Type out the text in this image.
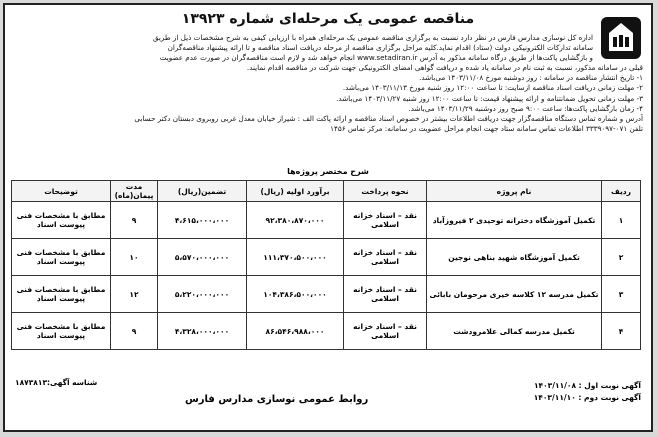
مناقصه عمومی یک مرحله‌ای شماره ۱۳۹۲۳
اداره کل نوسازی مدارس فارس در نظر دارد نسبت به برگزاری مناقصه عمومی یک مرحله‌ای همراه با ارزیابی کیفی به شرح مشخصات ذیل از طریق
سامانه تدارکات الکترونیکی دولت (ستاد) اقدام نماید.کلیه مراحل برگزاری مناقصه از مرحله دریافت اسناد مناقصه و تا ارائه پیشنهاد مناقصه‌گران
و بازگشایی پاکت‌ها از طریق درگاه سامانه مذکور به آدرس www.setadiran.ir انجام خواهد شد و لازم است مناقصه‌گران در صورت عدم عضویت
قبلی در سامانه مذکور، نسبت به ثبت نام در سامانه یاد شده و دریافت گواهی امضای الکترونیکی جهت شرکت در مناقصه اقدام نمایند.
۱- تاریخ انتشار مناقصه در سامانه : روز دوشنبه مورخ ۱۴۰۳/۱۱/۰۸ می‌باشد.
۲- مهلت زمانی دریافت اسناد مناقصه ازسایت: تا ساعت ۱۲:۰۰ روز شنبه مورخ ۱۴۰۳/۱۱/۱۳ می‌باشد.
۳- مهلت زمانی تحویل ضمانتنامه و ارائه پیشنهاد قیمت: تا ساعت ۱۲:۰۰ روز شنبه ۱۴۰۳/۱۱/۲۷ می‌باشد.
۴- زمان بازگشایی پاکت‌ها: ساعت ۹:۰۰ صبح روز دوشنبه ۱۴۰۳/۱۱/۲۹ می‌باشد.
آدرس و شماره تماس دستگاه مناقصه‌گزار جهت دریافت اطلاعات بیشتر در خصوص اسناد مناقصه و ارائه پاکت الف : شیراز خیابان معدل غربی روبروی دبستان دکتر حسابی
تلفن ۰۷۱-۳۳۳۹۰۹۷ اطلاعات تماس سامانه ستاد جهت انجام مراحل عضویت در سامانه: مرکز تماس ۱۴۵۶
شرح مختصر پروژه‌ها
ردیف	نام پروژه	نحوه پرداخت	برآورد اولیه (ریال)	تضمین(ریال)	مدت پیمان(ماه)	توضیحات
۱	تکمیل آموزشگاه دخترانه توحیدی ۲ فیروزآباد	نقد – اسناد خزانه اسلامی	۹۲،۳۸۰،۸۷۰،۰۰۰	۴،۶۱۵،۰۰۰،۰۰۰	۹	مطابق با مشخصات فنی پیوست اسناد
۲	تکمیل آموزشگاه شهید بناهی نوجین	نقد – اسناد خزانه اسلامی	۱۱۱،۳۷۰،۵۰۰،۰۰۰	۵،۵۷۰،۰۰۰،۰۰۰	۱۰	مطابق با مشخصات فنی پیوست اسناد
۳	تکمیل مدرسه ۱۲ کلاسه خیری مرحومان بابائی	نقد – اسناد خزانه اسلامی	۱۰۴،۳۸۶،۵۰۰،۰۰۰	۵،۲۲۰،۰۰۰،۰۰۰	۱۲	مطابق با مشخصات فنی پیوست اسناد
۴	تکمیل مدرسه کمالی علامرودشت	نقد – اسناد خزانه اسلامی	۸۶،۵۴۶،۹۸۸،۰۰۰	۴،۳۲۸،۰۰۰،۰۰۰	۹	مطابق با مشخصات فنی پیوست اسناد
آگهی نوبت اول : ۱۴۰۳/۱۱/۰۸
آگهی نوبت دوم : ۱۴۰۳/۱۱/۱۰
روابط عمومی نوسازی مدارس فارس
شناسه آگهی:۱۸۷۳۸۱۳
